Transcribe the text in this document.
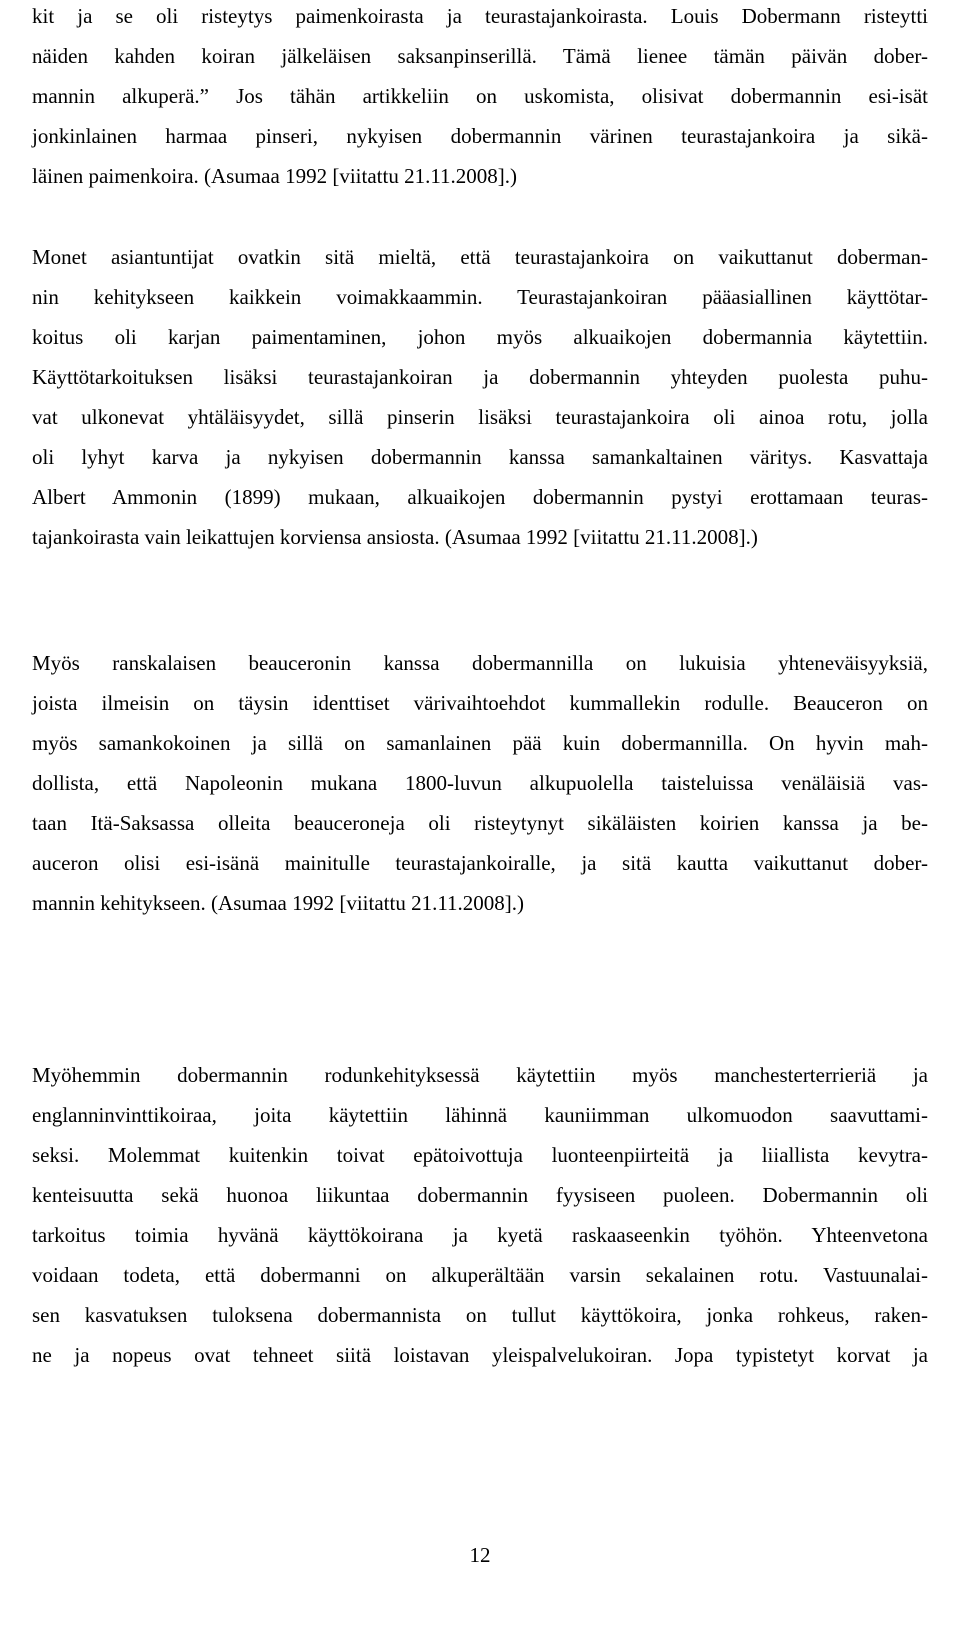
kit ja se oli risteytys paimenkoirasta ja teurastajankoirasta. Louis Dobermann risteytti
näiden kahden koiran jälkeläisen saksanpinserillä. Tämä lienee tämän päivän dober-
mannin alkuperä.” Jos tähän artikkeliin on uskomista, olisivat dobermannin esi-isät
jonkinlainen harmaa pinseri, nykyisen dobermannin värinen teurastajankoira ja sikä-
läinen paimenkoira. (Asumaa 1992 [viitattu 21.11.2008].)
Monet asiantuntijat ovatkin sitä mieltä, että teurastajankoira on vaikuttanut doberman-
nin kehitykseen kaikkein voimakkaammin. Teurastajankoiran pääasiallinen käyttötar-
koitus oli karjan paimentaminen, johon myös alkuaikojen dobermannia käytettiin.
Käyttötarkoituksen lisäksi teurastajankoiran ja dobermannin yhteyden puolesta puhu-
vat ulkonevat yhtäläisyydet, sillä pinserin lisäksi teurastajankoira oli ainoa rotu, jolla
oli lyhyt karva ja nykyisen dobermannin kanssa samankaltainen väritys. Kasvattaja
Albert Ammonin (1899) mukaan, alkuaikojen dobermannin pystyi erottamaan teuras-
tajankoirasta vain leikattujen korviensa ansiosta. (Asumaa 1992 [viitattu 21.11.2008].)
Myös ranskalaisen beauceronin kanssa dobermannilla on lukuisia yhteneväisyyksiä,
joista ilmeisin on täysin identtiset värivaihtoehdot kummallekin rodulle. Beauceron on
myös samankokoinen ja sillä on samanlainen pää kuin dobermannilla. On hyvin mah-
dollista, että Napoleonin mukana 1800-luvun alkupuolella taisteluissa venäläisiä vas-
taan Itä-Saksassa olleita beauceroneja oli risteytynyt sikäläisten koirien kanssa ja be-
auceron olisi esi-isänä mainitulle teurastajankoiralle, ja sitä kautta vaikuttanut dober-
mannin kehitykseen. (Asumaa 1992 [viitattu 21.11.2008].)
Myöhemmin dobermannin rodunkehityksessä käytettiin myös manchesterterrieriä ja
englanninvinttikoiraa, joita käytettiin lähinnä kauniimman ulkomuodon saavuttami-
seksi. Molemmat kuitenkin toivat epätoivottuja luonteenpiirteitä ja liiallista kevytra-
kenteisuutta sekä huonoa liikuntaa dobermannin fyysiseen puoleen. Dobermannin oli
tarkoitus toimia hyvänä käyttökoirana ja kyetä raskaaseenkin työhön. Yhteenvetona
voidaan todeta, että dobermanni on alkuperältään varsin sekalainen rotu. Vastuunalai-
sen kasvatuksen tuloksena dobermannista on tullut käyttökoira, jonka rohkeus, raken-
ne ja nopeus ovat tehneet siitä loistavan yleispalvelukoiran. Jopa typistetyt korvat ja
12
